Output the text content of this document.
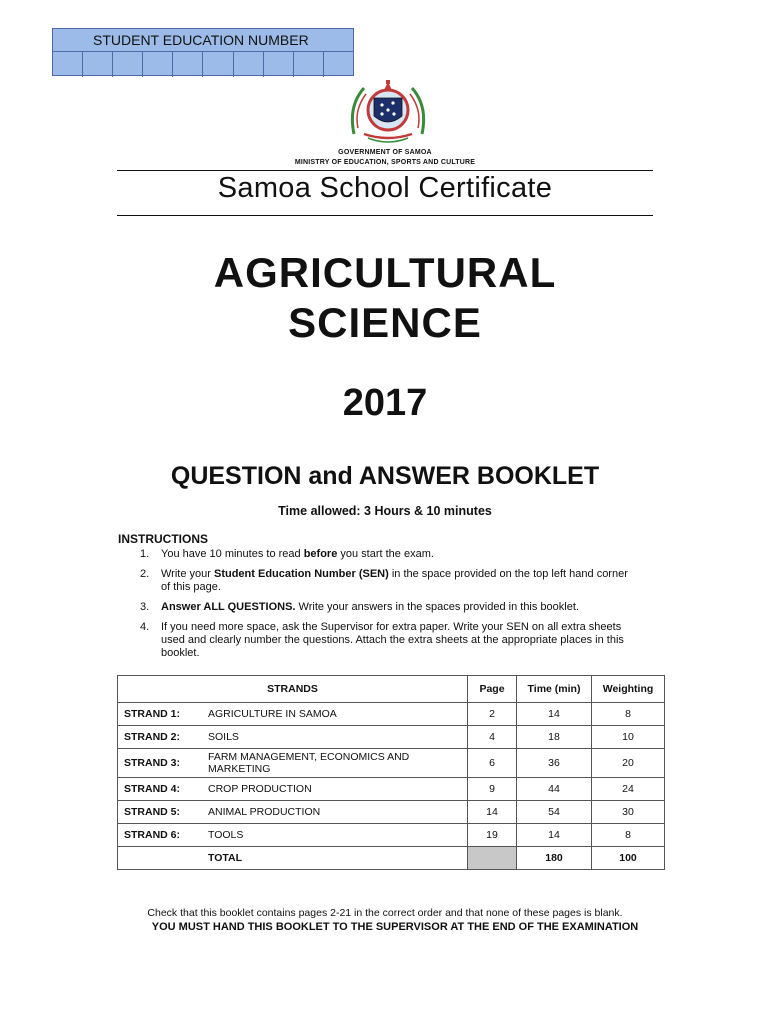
STUDENT EDUCATION NUMBER
GOVERNMENT OF SAMOA
MINISTRY OF EDUCATION, SPORTS AND CULTURE
Samoa School Certificate
AGRICULTURAL
SCIENCE
2017
QUESTION and ANSWER BOOKLET
Time allowed: 3 Hours & 10 minutes
INSTRUCTIONS
1. You have 10 minutes to read before you start the exam.
2. Write your Student Education Number (SEN) in the space provided on the top left hand corner of this page.
3. Answer ALL QUESTIONS. Write your answers in the spaces provided in this booklet.
4. If you need more space, ask the Supervisor for extra paper. Write your SEN on all extra sheets used and clearly number the questions. Attach the extra sheets at the appropriate places in this booklet.
STRANDS		Page	Time (min)	Weighting
STRAND 1:	AGRICULTURE IN SAMOA	2	14	8
STRAND 2:	SOILS	4	18	10
STRAND 3:	FARM MANAGEMENT, ECONOMICS AND MARKETING	6	36	20
STRAND 4:	CROP PRODUCTION	9	44	24
STRAND 5:	ANIMAL PRODUCTION	14	54	30
STRAND 6:	TOOLS	19	14	8
	TOTAL		180	100
Check that this booklet contains pages 2-21 in the correct order and that none of these pages is blank.
YOU MUST HAND THIS BOOKLET TO THE SUPERVISOR AT THE END OF THE EXAMINATION
